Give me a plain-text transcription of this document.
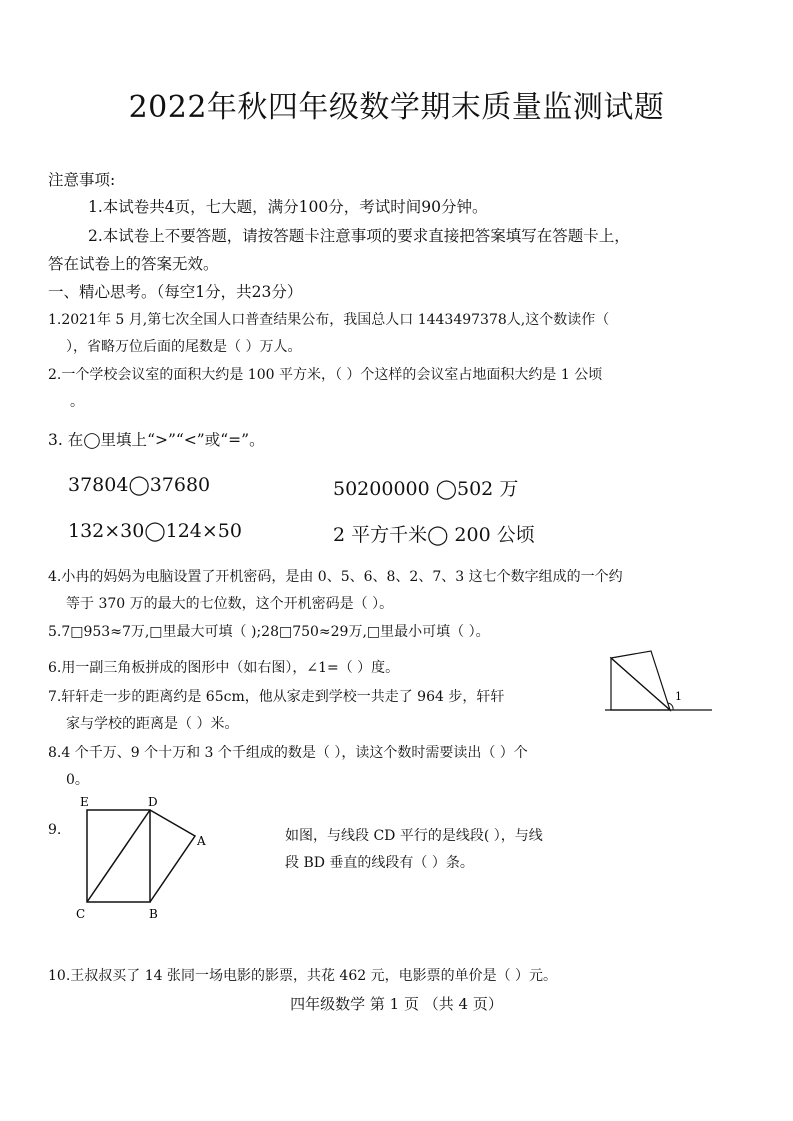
2022年秋四年级数学期末质量监测试题
注意事项:
1.本试卷共4页，七大题，满分100分，考试时间90分钟。
2.本试卷上不要答题，请按答题卡注意事项的要求直接把答案填写在答题卡上，
答在试卷上的答案无效。
一、精心思考。（每空1分，共23分）
1.2021年 5 月,第七次全国人口普查结果公布，我国总人口 1443497378人,这个数读作（
），省略万位后面的尾数是（ ）万人。
2.一个学校会议室的面积大约是 100 平方米，（ ）个这样的会议室占地面积大约是 1 公顷
。
3. 在◯里填上“>”“<”或“=”。
37804◯37680	50200000 ◯502 万
132×30◯124×50	2 平方千米◯ 200 公顷
4.小冉的妈妈为电脑设置了开机密码，是由 0、5、6、8、2、7、3 这七个数字组成的一个约
等于 370 万的最大的七位数，这个开机密码是（ ）。
5.7□953≈7万,□里最大可填（ );28□750≈29万,□里最小可填（ ）。
6.用一副三角板拼成的图形中（如右图），∠1=（ ）度。
1
7.轩轩走一步的距离约是 65cm，他从家走到学校一共走了 964 步，轩轩
家与学校的距离是（ ）米。
8.4 个千万、9 个十万和 3 个千组成的数是（ ），读这个数时需要读出（ ）个
0。
9.
E	D
A
C	B
如图，与线段 CD 平行的是线段( ），与线
段 BD 垂直的线段有（ ）条。
10.王叔叔买了 14 张同一场电影的影票，共花 462 元，电影票的单价是（ ）元。
四年级数学 第 1 页 （共 4 页）
